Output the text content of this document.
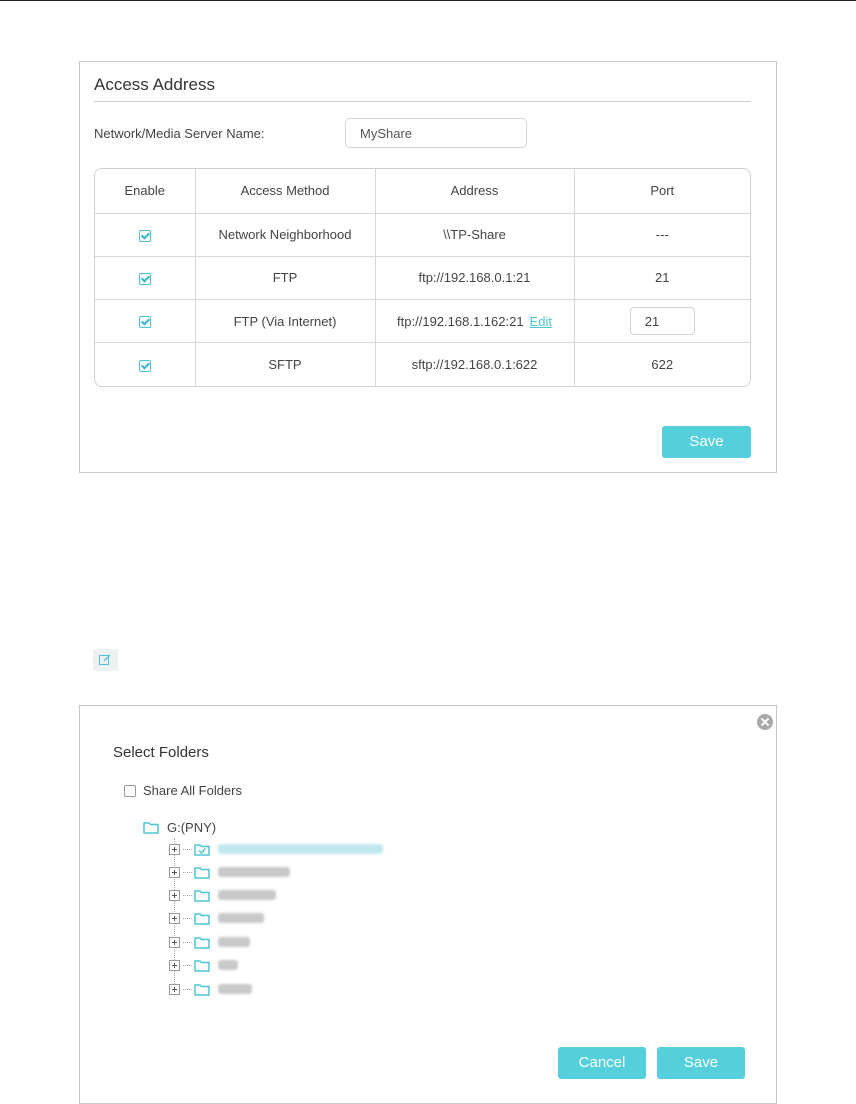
Access Address
Network/Media Server Name:
MyShare
Enable	Access Method	Address	Port
	Network Neighborhood	\\TP-Share	---
	FTP	ftp://192.168.0.1:21	21
	FTP (Via Internet)	ftp://192.168.1.162:21 Edit	21
	SFTP	sftp://192.168.0.1:622	622
Save
Select Folders
Share All Folders
G:(PNY)
Cancel	Save
